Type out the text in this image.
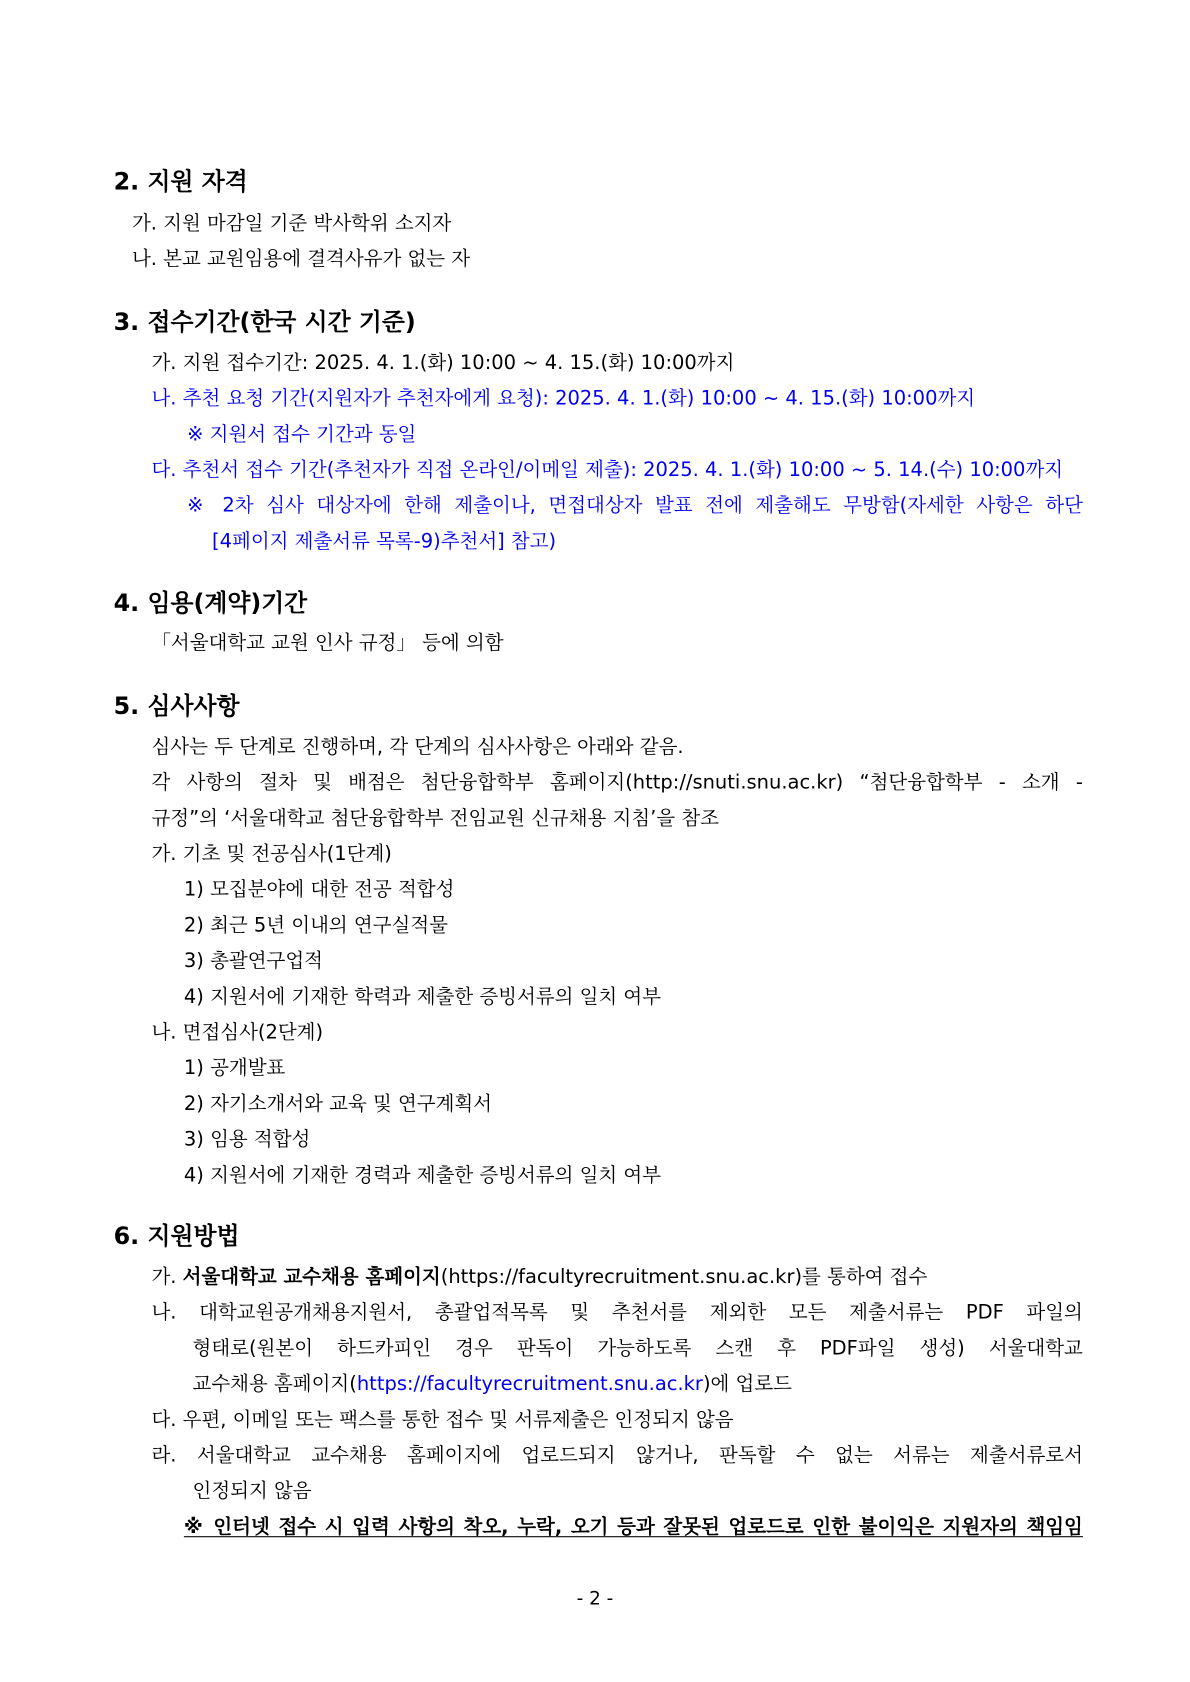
2. 지원 자격
가. 지원 마감일 기준 박사학위 소지자
나. 본교 교원임용에 결격사유가 없는 자
3. 접수기간(한국 시간 기준)
가. 지원 접수기간: 2025. 4. 1.(화) 10:00 ~ 4. 15.(화) 10:00까지
나. 추천 요청 기간(지원자가 추천자에게 요청): 2025. 4. 1.(화) 10:00 ~ 4. 15.(화) 10:00까지
※ 지원서 접수 기간과 동일
다. 추천서 접수 기간(추천자가 직접 온라인/이메일 제출): 2025. 4. 1.(화) 10:00 ~ 5. 14.(수) 10:00까지
※ 2차 심사 대상자에 한해 제출이나, 면접대상자 발표 전에 제출해도 무방함(자세한 사항은 하단
[4페이지 제출서류 목록-9)추천서] 참고)
4. 임용(계약)기간
「서울대학교 교원 인사 규정」 등에 의함
5. 심사사항
심사는 두 단계로 진행하며, 각 단계의 심사사항은 아래와 같음.
각 사항의 절차 및 배점은 첨단융합학부 홈페이지(http://snuti.snu.ac.kr) “첨단융합학부 - 소개 -
규정”의 ‘서울대학교 첨단융합학부 전임교원 신규채용 지침’을 참조
가. 기초 및 전공심사(1단계)
1) 모집분야에 대한 전공 적합성
2) 최근 5년 이내의 연구실적물
3) 총괄연구업적
4) 지원서에 기재한 학력과 제출한 증빙서류의 일치 여부
나. 면접심사(2단계)
1) 공개발표
2) 자기소개서와 교육 및 연구계획서
3) 임용 적합성
4) 지원서에 기재한 경력과 제출한 증빙서류의 일치 여부
6. 지원방법
가. 서울대학교 교수채용 홈페이지(https://facultyrecruitment.snu.ac.kr)를 통하여 접수
나. 대학교원공개채용지원서, 총괄업적목록 및 추천서를 제외한 모든 제출서류는 PDF 파일의
형태로(원본이 하드카피인 경우 판독이 가능하도록 스캔 후 PDF파일 생성) 서울대학교
교수채용 홈페이지(https://facultyrecruitment.snu.ac.kr)에 업로드
다. 우편, 이메일 또는 팩스를 통한 접수 및 서류제출은 인정되지 않음
라. 서울대학교 교수채용 홈페이지에 업로드되지 않거나, 판독할 수 없는 서류는 제출서류로서
인정되지 않음
※ 인터넷 접수 시 입력 사항의 착오, 누락, 오기 등과 잘못된 업로드로 인한 불이익은 지원자의 책임임
- 2 -
